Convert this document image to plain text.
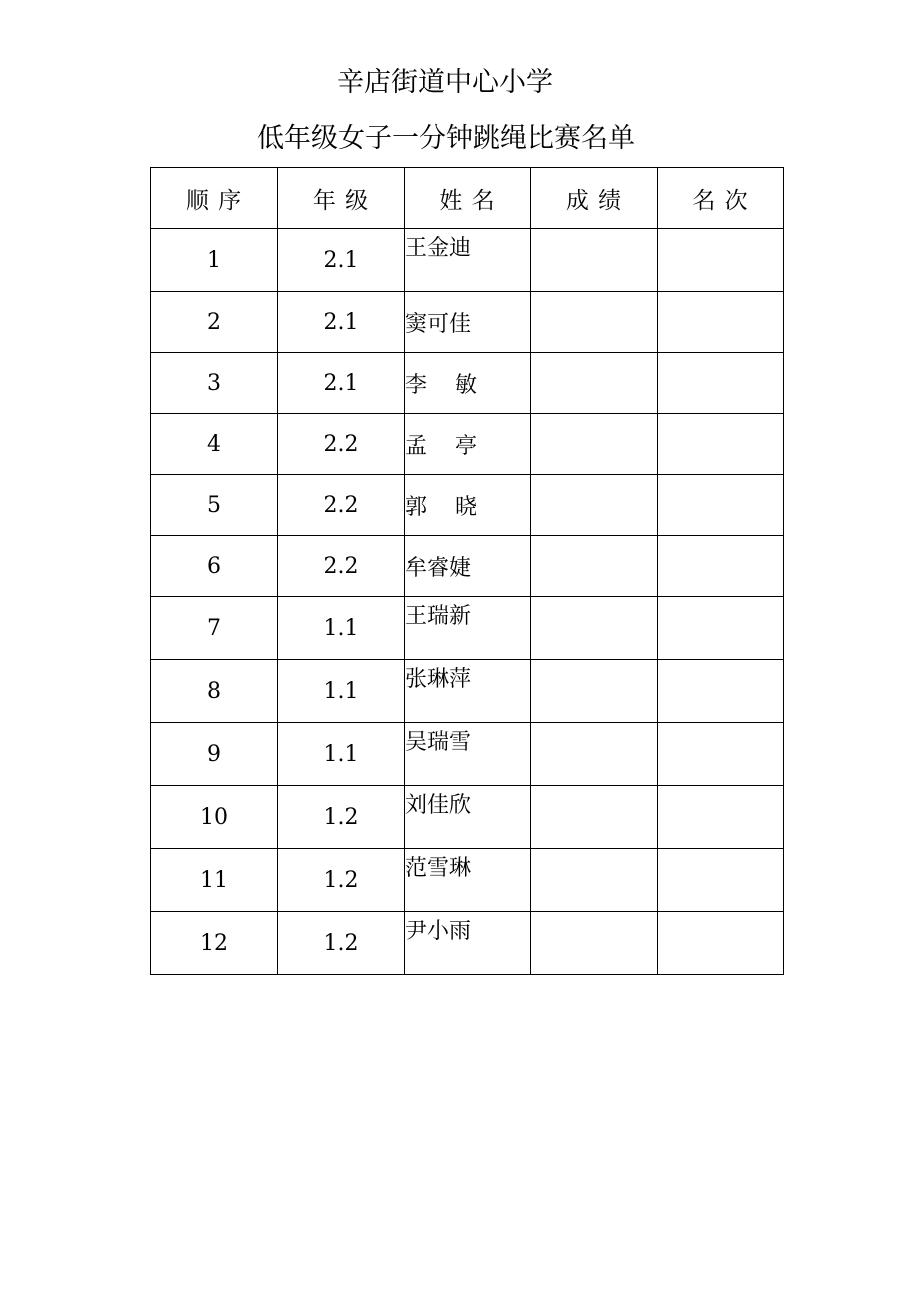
辛店街道中心小学
低年级女子一分钟跳绳比赛名单
顺 序	年 级	姓 名	成 绩	名 次
1	2.1	王金迪		
2	2.1	窦可佳		
3	2.1	李    敏		
4	2.2	孟    亭		
5	2.2	郭    晓		
6	2.2	牟睿婕		
7	1.1	王瑞新		
8	1.1	张琳萍		
9	1.1	吴瑞雪		
10	1.2	刘佳欣		
11	1.2	范雪琳		
12	1.2	尹小雨		
